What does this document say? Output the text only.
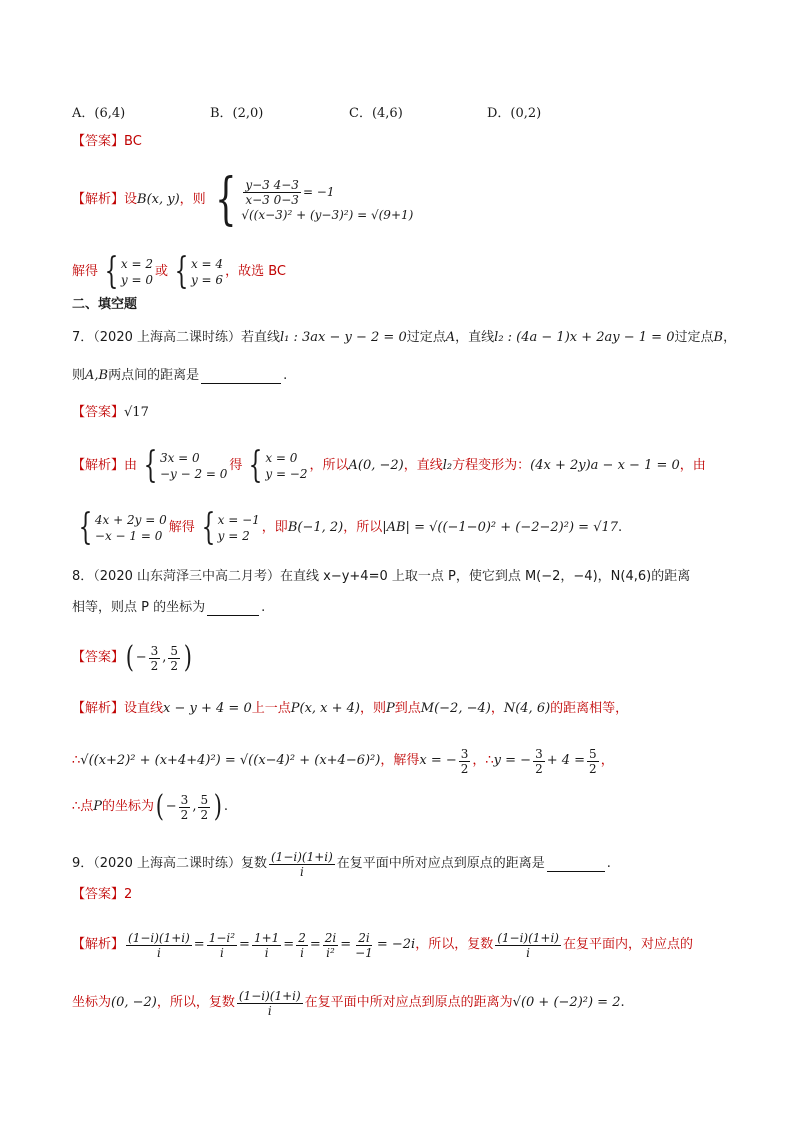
A．(6,4)	B．(2,0)	C．(4,6)	D．(0,2)
【答案】 BC
【解析】 设 B(x, y) ，则 { $\frac{y-3 4-3}{x-3 0-3} = -1$
√((x−3)² + (y−3)²) = √(9+1)
解得 { x = 2
y = 0
或 { x = 4
y = 6
，故选 BC
二、填空题
7．（2020 上海高二课时练）若直线 l₁ : 3ax − y − 2 = 0 过定点 A ，直线 l₂ : (4a − 1)x + 2ay − 1 = 0 过定点 B ，
则 A,B 两点间的距离是	.
【答案】 √17
【解析】 由 { 3x = 0
−y − 2 = 0
得 { x = 0
y = −2
，所以 A(0, −2) ，直线 l₂ 方程变形为： (4x + 2y)a − x − 1 = 0 ，由
{ 4x + 2y = 0
−x − 1 = 0
解得 { x = −1
y = 2
，即 B(−1, 2) ，所以 |AB| = √((−1−0)² + (−2−2)²) = √17 .
8．（2020 山东菏泽三中高二月考）在直线 x−y+4=0 上取一点 P，使它到点 M(−2，−4)，N(4,6)的距离
相等，则点 P 的坐标为	.
【答案】 ( − $\frac{3}{2}$ , $\frac{5}{2}$ )
【解析】 设直线 x − y + 4 = 0 上一点 P(x, x + 4) ，则 P 到点 M(−2, −4) ， N(4, 6) 的距离相等，
∴ √((x+2)² + (x+4+4)²) = √((x−4)² + (x+4−6)²) ，解得 x = − $\frac{3}{2}$ ，∴ y = − $\frac{3}{2} + 4 = \frac{5}{2}$ ，
∴点 P 的坐标为 ( − $\frac{3}{2}$ , $\frac{5}{2}$ ) .
9．（2020 上海高二课时练）复数 $\frac{(1-i)(1+i)}{i}$ 在复平面中所对应点到原点的距离是	.
【答案】 2
【解析】 $\frac{(1-i)(1+i)}{i} = \frac{\text{1−i²}}{i} = \frac{1+1}{i} = \frac{2}{i} = \frac{2i}{\text{i²}} = \frac{2i}{-1} = -2i$ ，所以，复数 $\frac{(1-i)(1+i)}{i}$ 在复平面内，对应点的
坐标为 (0, −2) ，所以，复数 $\frac{(1-i)(1+i)}{i}$ 在复平面中所对应点到原点的距离为 √(0 + (−2)²) = 2 .
